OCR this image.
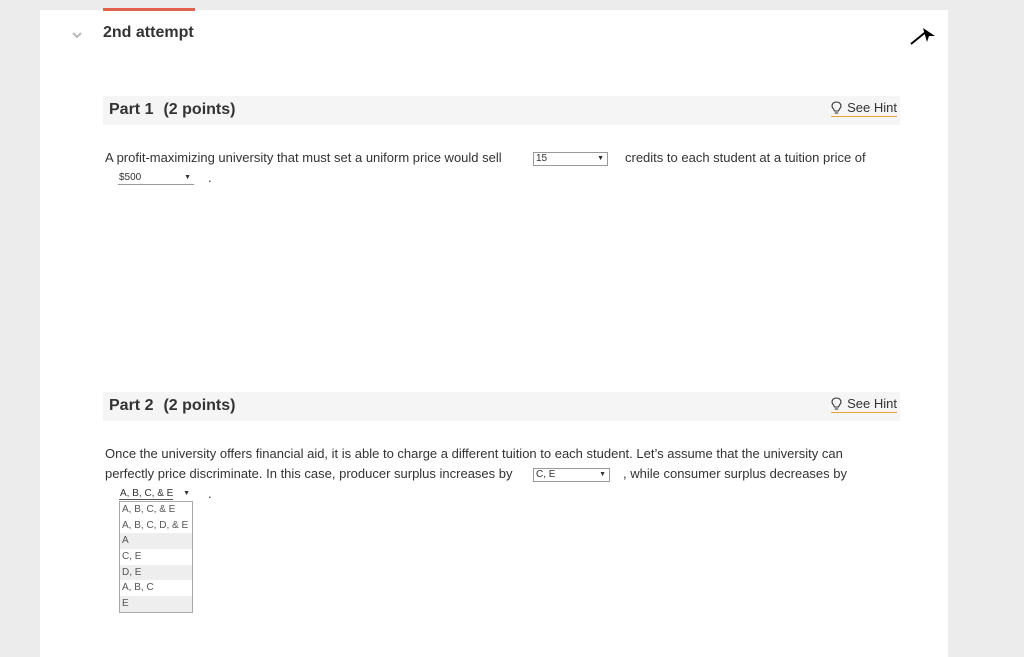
2nd attempt
Part 1 (2 points)	See Hint
A profit-maximizing university that must set a uniform price would sell	15	▼ credits to each student at a tuition price of
$500	▼ .
Part 2 (2 points)	See Hint
Once the university offers financial aid, it is able to charge a different tuition to each student. Let’s assume that the university can
perfectly price discriminate. In this case, producer surplus increases by	C, E	▼ , while consumer surplus decreases by
A, B, C, & E ▼ .
A, B, C, & E
A, B, C, D, & E
A
C, E
D, E
A, B, C
E
